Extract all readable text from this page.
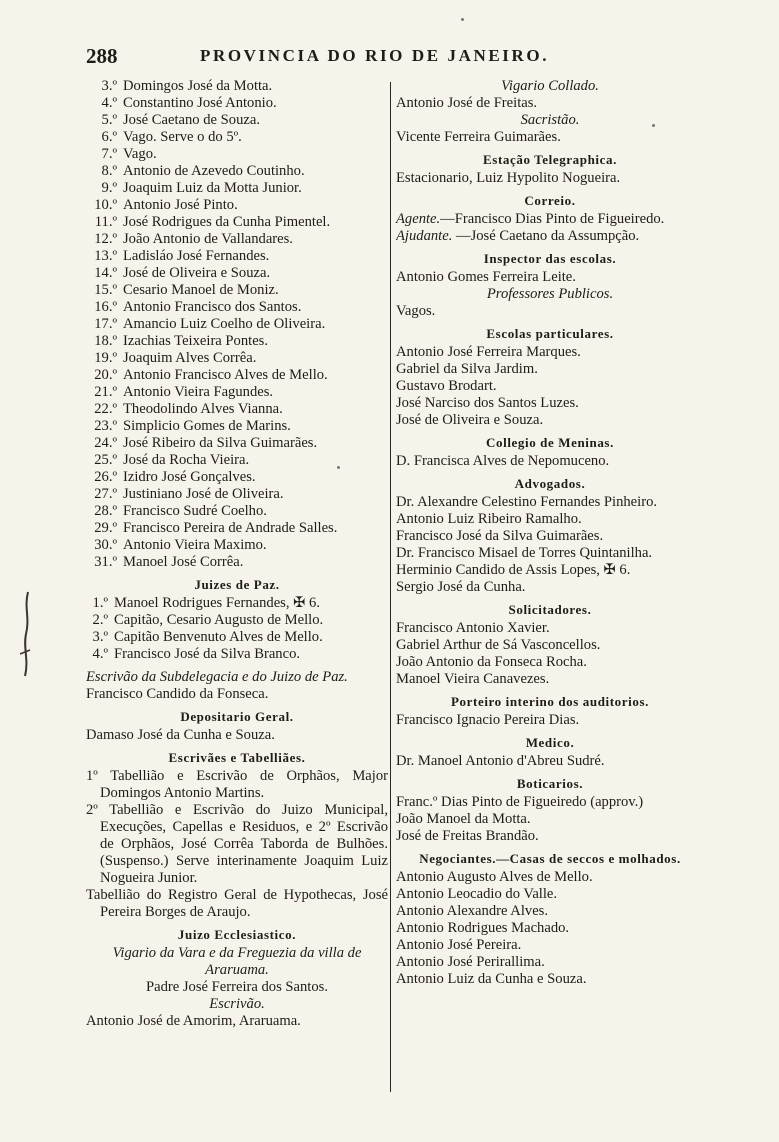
288	PROVINCIA DO RIO DE JANEIRO.
3.º Domingos José da Motta.
4.º Constantino José Antonio.
5.º José Caetano de Souza.
6.º Vago. Serve o do 5º.
7.º Vago.
8.º Antonio de Azevedo Coutinho.
9.º Joaquim Luiz da Motta Junior.
10.º Antonio José Pinto.
11.º José Rodrigues da Cunha Pimentel.
12.º João Antonio de Vallandares.
13.º Ladisláo José Fernandes.
14.º José de Oliveira e Souza.
15.º Cesario Manoel de Moniz.
16.º Antonio Francisco dos Santos.
17.º Amancio Luiz Coelho de Oliveira.
18.º Izachias Teixeira Pontes.
19.º Joaquim Alves Corrêa.
20.º Antonio Francisco Alves de Mello.
21.º Antonio Vieira Fagundes.
22.º Theodolindo Alves Vianna.
23.º Simplicio Gomes de Marins.
24.º José Ribeiro da Silva Guimarães.
25.º José da Rocha Vieira.
26.º Izidro José Gonçalves.
27.º Justiniano José de Oliveira.
28.º Francisco Sudré Coelho.
29.º Francisco Pereira de Andrade Salles.
30.º Antonio Vieira Maximo.
31.º Manoel José Corrêa.
Juizes de Paz.
1.º Manoel Rodrigues Fernandes, ✠ 6.
2.º Capitão, Cesario Augusto de Mello.
3.º Capitão Benvenuto Alves de Mello.
4.º Francisco José da Silva Branco.
Escrivão da Subdelegacia e do Juizo de Paz.
Francisco Candido da Fonseca.
Depositario Geral.
Damaso José da Cunha e Souza.
Escrivães e Tabelliães.
1º Tabellião e Escrivão de Orphãos, Major Domingos Antonio Martins.
2º Tabellião e Escrivão do Juizo Municipal, Execuções, Capellas e Residuos, e 2º Escrivão de Orphãos, José Corrêa Taborda de Bulhões. (Suspenso.) Serve interinamente Joaquim Luiz Nogueira Junior.
Tabellião do Registro Geral de Hypothecas, José Pereira Borges de Araujo.
Juizo Ecclesiastico.
Vigario da Vara e da Freguezia da villa de Araruama.
Padre José Ferreira dos Santos.
Escrivão.
Antonio José de Amorim, Araruama.
Vigario Collado.
Antonio José de Freitas.
Sacristão.
Vicente Ferreira Guimarães.
Estação Telegraphica.
Estacionario, Luiz Hypolito Nogueira.
Correio.
Agente.—Francisco Dias Pinto de Figueiredo.
Ajudante. —José Caetano da Assumpção.
Inspector das escolas.
Antonio Gomes Ferreira Leite.
Professores Publicos.
Vagos.
Escolas particulares.
Antonio José Ferreira Marques.
Gabriel da Silva Jardim.
Gustavo Brodart.
José Narciso dos Santos Luzes.
José de Oliveira e Souza.
Collegio de Meninas.
D. Francisca Alves de Nepomuceno.
Advogados.
Dr. Alexandre Celestino Fernandes Pinheiro.
Antonio Luiz Ribeiro Ramalho.
Francisco José da Silva Guimarães.
Dr. Francisco Misael de Torres Quintanilha.
Herminio Candido de Assis Lopes, ✠ 6.
Sergio José da Cunha.
Solicitadores.
Francisco Antonio Xavier.
Gabriel Arthur de Sá Vasconcellos.
João Antonio da Fonseca Rocha.
Manoel Vieira Canavezes.
Porteiro interino dos auditorios.
Francisco Ignacio Pereira Dias.
Medico.
Dr. Manoel Antonio d'Abreu Sudré.
Boticarios.
Franc.º Dias Pinto de Figueiredo (approv.)
João Manoel da Motta.
José de Freitas Brandão.
Negociantes.—Casas de seccos e molhados.
Antonio Augusto Alves de Mello.
Antonio Leocadio do Valle.
Antonio Alexandre Alves.
Antonio Rodrigues Machado.
Antonio José Pereira.
Antonio José Perirallima.
Antonio Luiz da Cunha e Souza.
